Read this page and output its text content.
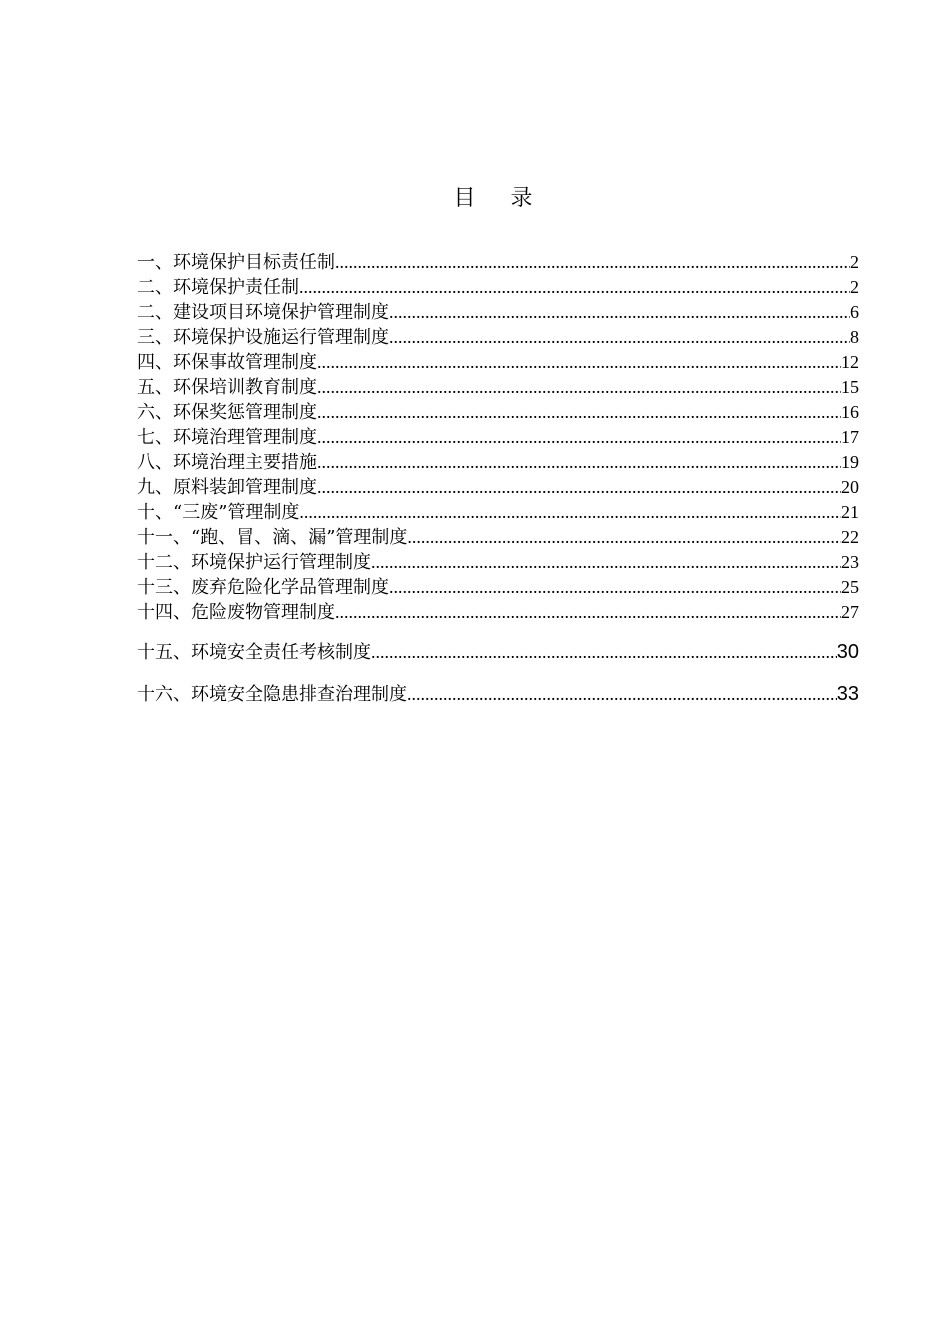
目 录
一、环境保护目标责任制 .....	2
二、环境保护责任制 .....	2
二、建设项目环境保护管理制度 .....	6
三、环境保护设施运行管理制度 .....	8
四、环保事故管理制度 .....	12
五、环保培训教育制度 .....	15
六、环保奖惩管理制度 .....	16
七、环境治理管理制度 .....	17
八、环境治理主要措施 .....	19
九、原料装卸管理制度 .....	20
十、“三废”管理制度 .....	21
十一、“跑、冒、滴、漏”管理制度 .....	22
十二、环境保护运行管理制度 .....	23
十三、废弃危险化学品管理制度 .....	25
十四、危险废物管理制度 .....	27
十五、环境安全责任考核制度 .....	30
十六、环境安全隐患排查治理制度 .....	33
